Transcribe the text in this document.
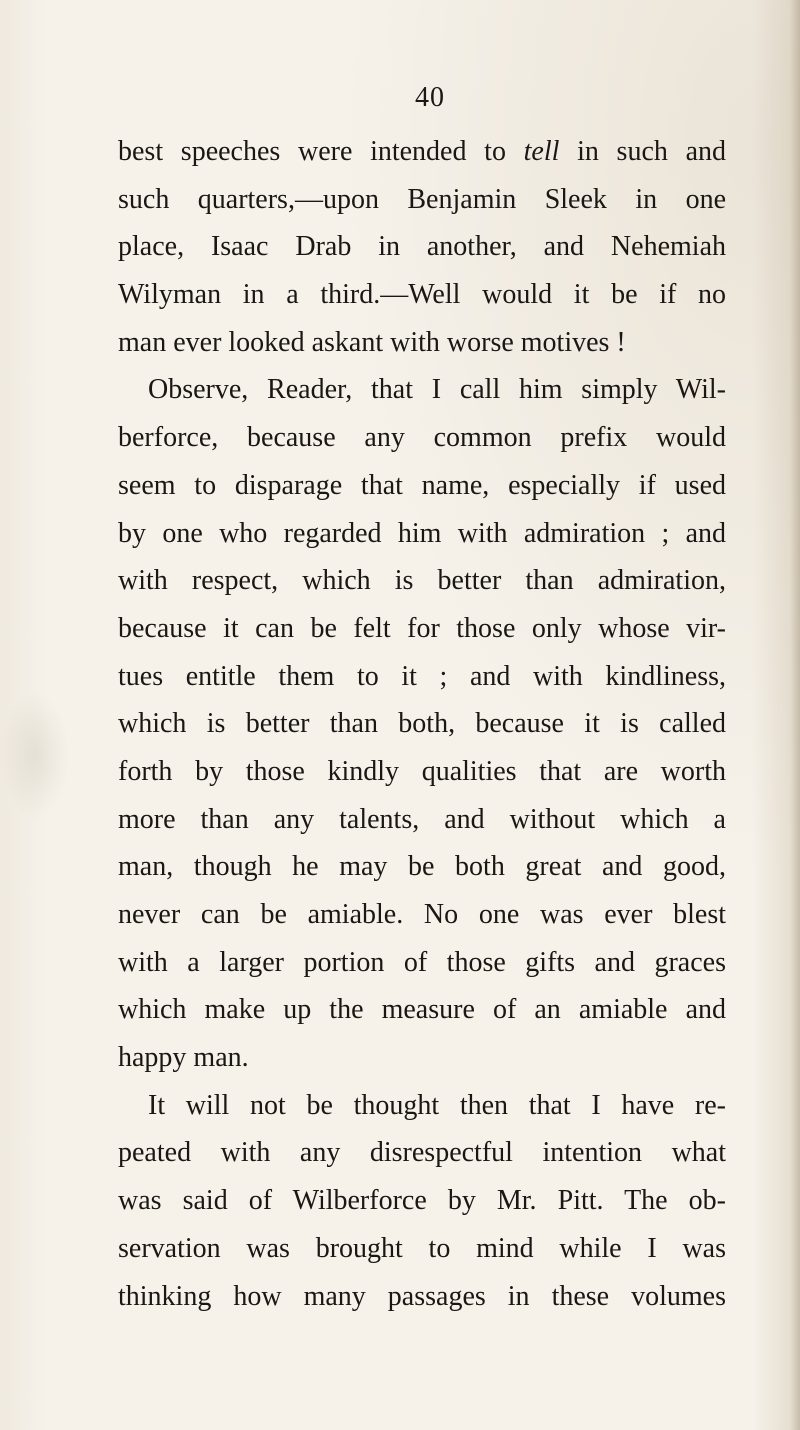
40
best speeches were intended to tell in such and
such quarters,—upon Benjamin Sleek in one
place, Isaac Drab in another, and Nehemiah
Wilyman in a third.—Well would it be if no
man ever looked askant with worse motives !
Observe, Reader, that I call him simply Wil-
berforce, because any common prefix would
seem to disparage that name, especially if used
by one who regarded him with admiration ; and
with respect, which is better than admiration,
because it can be felt for those only whose vir-
tues entitle them to it ; and with kindliness,
which is better than both, because it is called
forth by those kindly qualities that are worth
more than any talents, and without which a
man, though he may be both great and good,
never can be amiable. No one was ever blest
with a larger portion of those gifts and graces
which make up the measure of an amiable and
happy man.
It will not be thought then that I have re-
peated with any disrespectful intention what
was said of Wilberforce by Mr. Pitt. The ob-
servation was brought to mind while I was
thinking how many passages in these volumes
